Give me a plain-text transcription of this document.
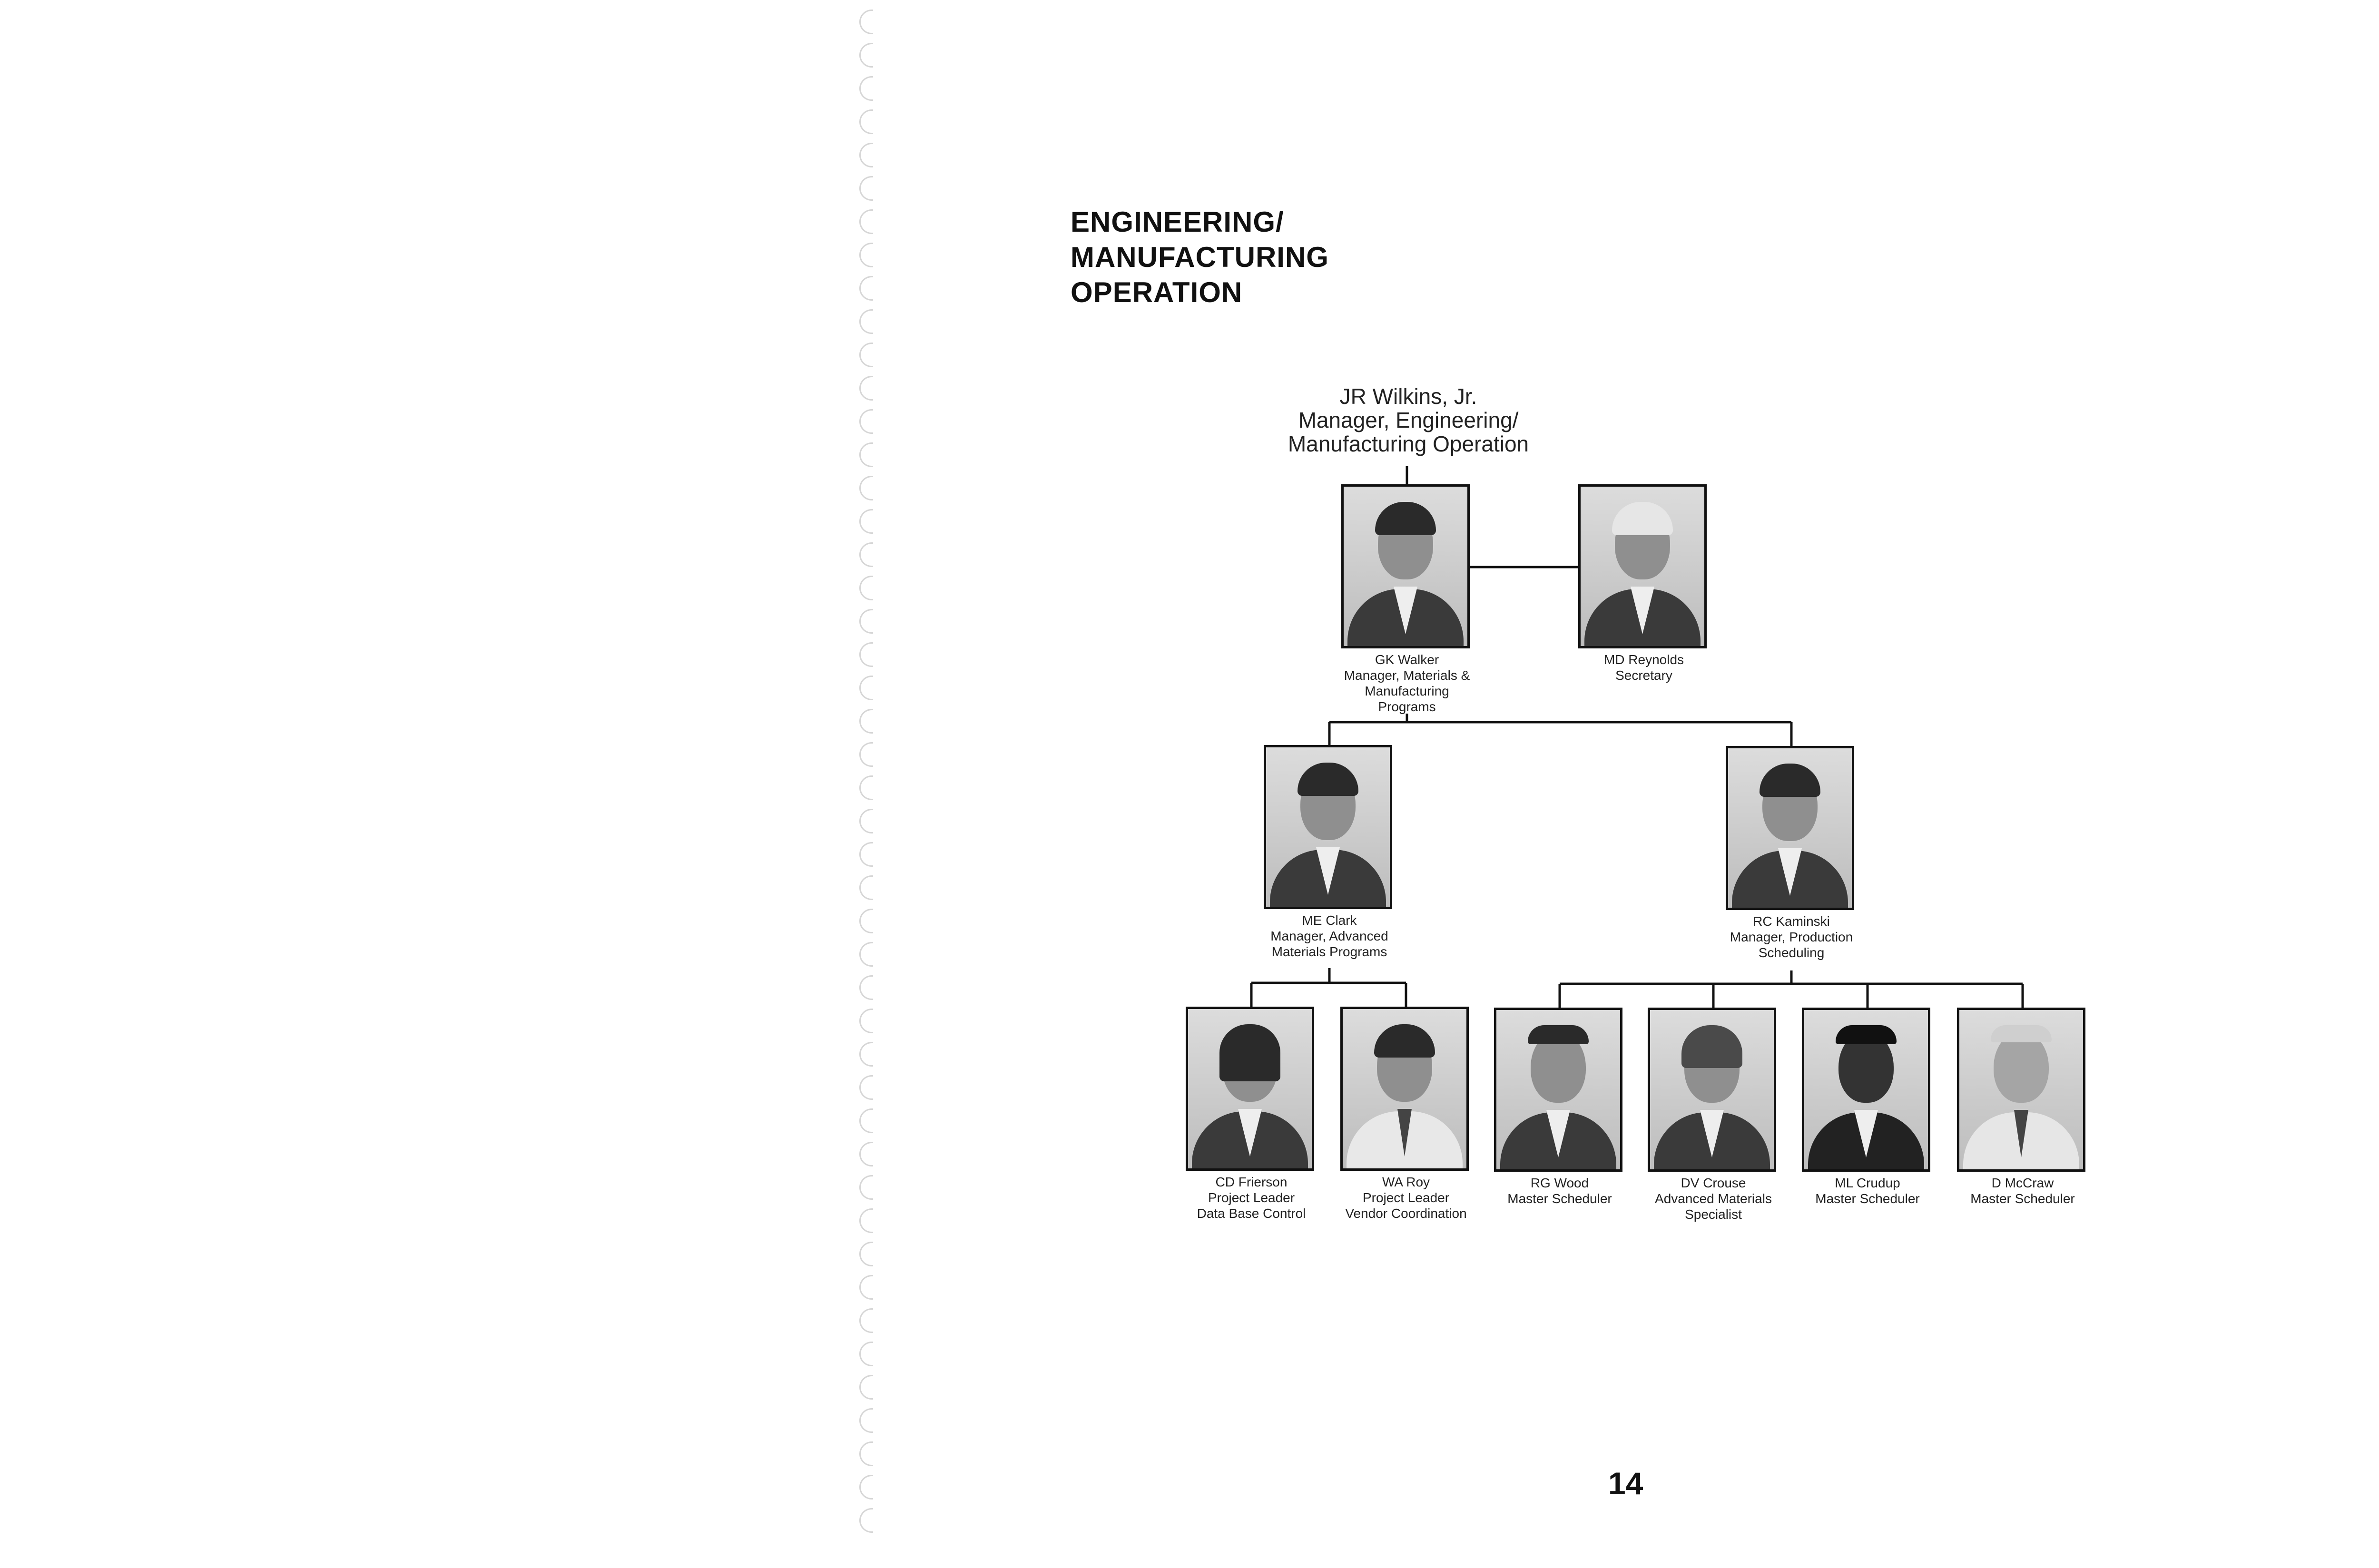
ENGINEERING/
MANUFACTURING
OPERATION
JR Wilkins, Jr.
Manager, Engineering/
Manufacturing Operation
GK Walker
Manager, Materials &
Manufacturing
Programs
MD Reynolds
Secretary
ME Clark
Manager, Advanced
Materials Programs
RC Kaminski
Manager, Production
Scheduling
CD Frierson
Project Leader
Data Base Control
WA Roy
Project Leader
Vendor Coordination
RG Wood
Master Scheduler
DV Crouse
Advanced Materials
Specialist
ML Crudup
Master Scheduler
D McCraw
Master Scheduler
14
